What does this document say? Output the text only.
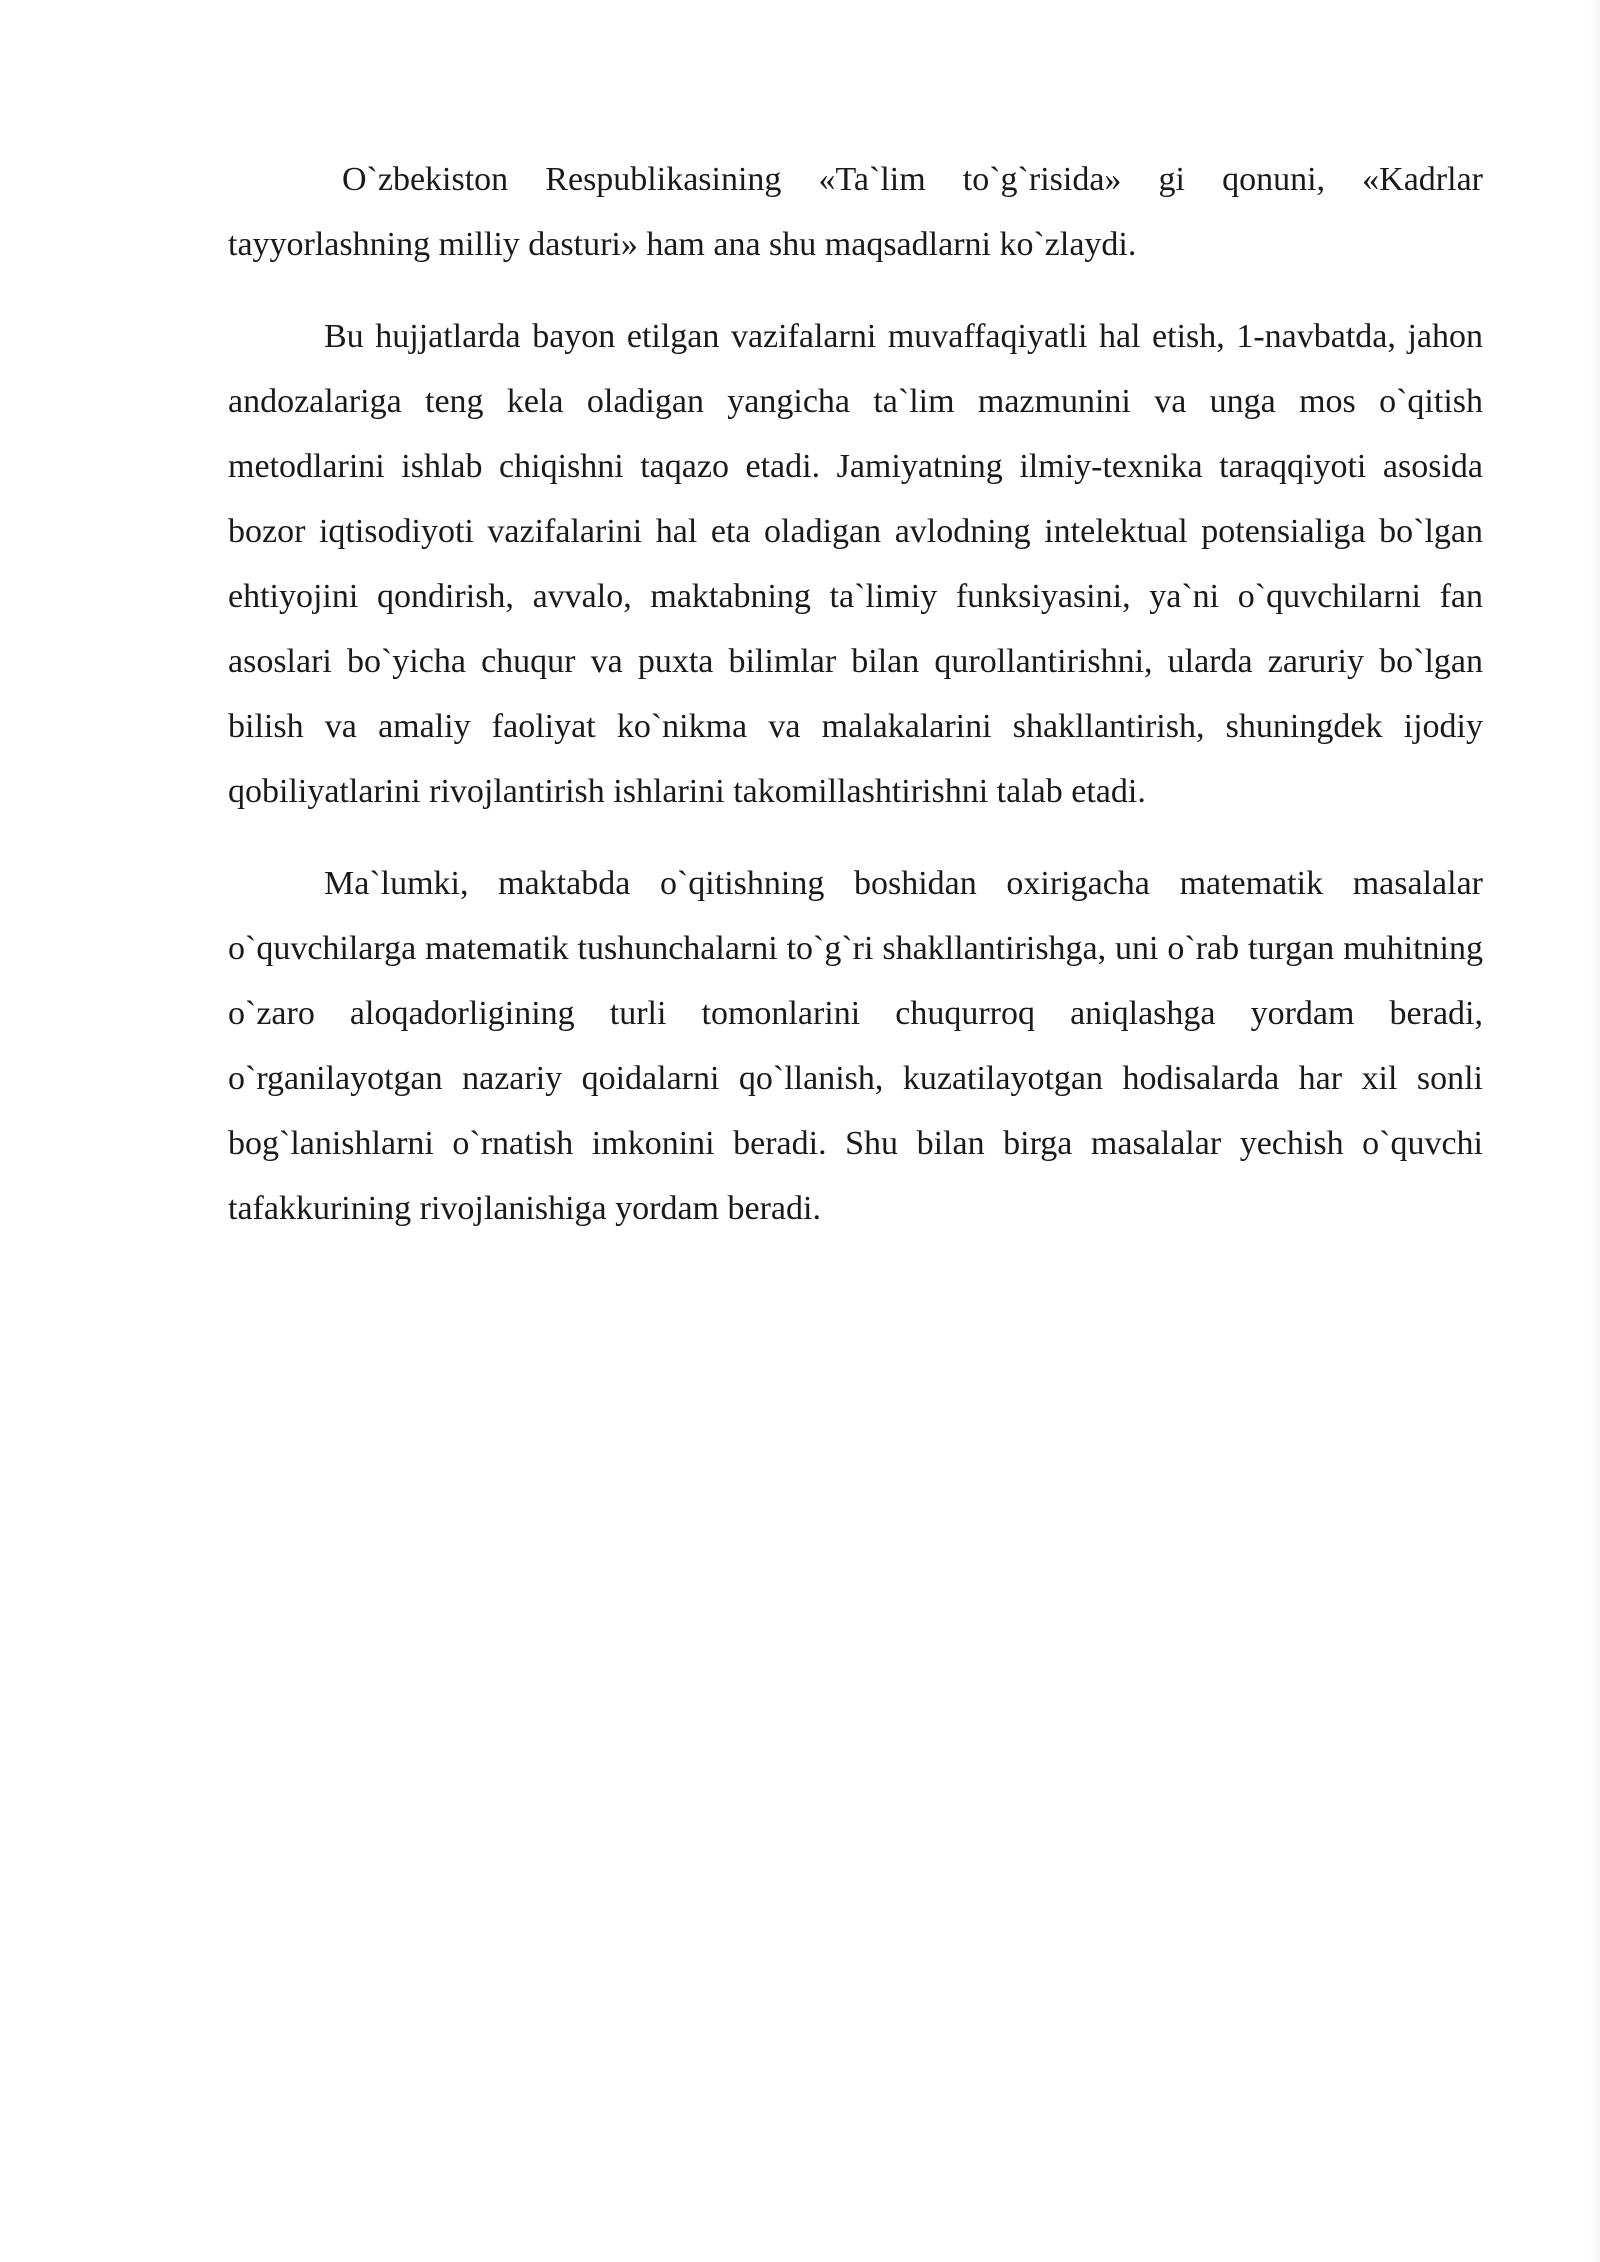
O`zbekiston Respublikasining «Ta`lim to`g`risida» gi qonuni, «Kadrlar tayyorlashning milliy dasturi» ham ana shu maqsadlarni ko`zlaydi.

Bu hujjatlarda bayon etilgan vazifalarni muvaffaqiyatli hal etish, 1-navbatda, jahon andozalariga teng kela oladigan yangicha ta`lim mazmunini va unga mos o`qitish metodlarini ishlab chiqishni taqazo etadi. Jamiyatning ilmiy-texnika taraqqiyoti asosida bozor iqtisodiyoti vazifalarini hal eta oladigan avlodning intelektual potensialiga bo`lgan ehtiyojini qondirish, avvalo, maktabning ta`limiy funksiyasini, ya`ni o`quvchilarni fan asoslari bo`yicha chuqur va puxta bilimlar bilan qurollantirishni, ularda zaruriy bo`lgan bilish va amaliy faoliyat ko`nikma va malakalarini shakllantirish, shuningdek ijodiy qobiliyatlarini rivojlantirish ishlarini takomillashtirishni talab etadi.

Ma`lumki, maktabda o`qitishning boshidan oxirigacha matematik masalalar o`quvchilarga matematik tushunchalarni to`g`ri shakllantirishga, uni o`rab turgan muhitning o`zaro aloqadorligining turli tomonlarini chuqurroq aniqlashga yordam beradi, o`rganilayotgan nazariy qoidalarni qo`llanish, kuzatilayotgan hodisalarda har xil sonli bog`lanishlarni o`rnatish imkonini beradi. Shu bilan birga masalalar yechish o`quvchi tafakkurining rivojlanishiga yordam beradi.
